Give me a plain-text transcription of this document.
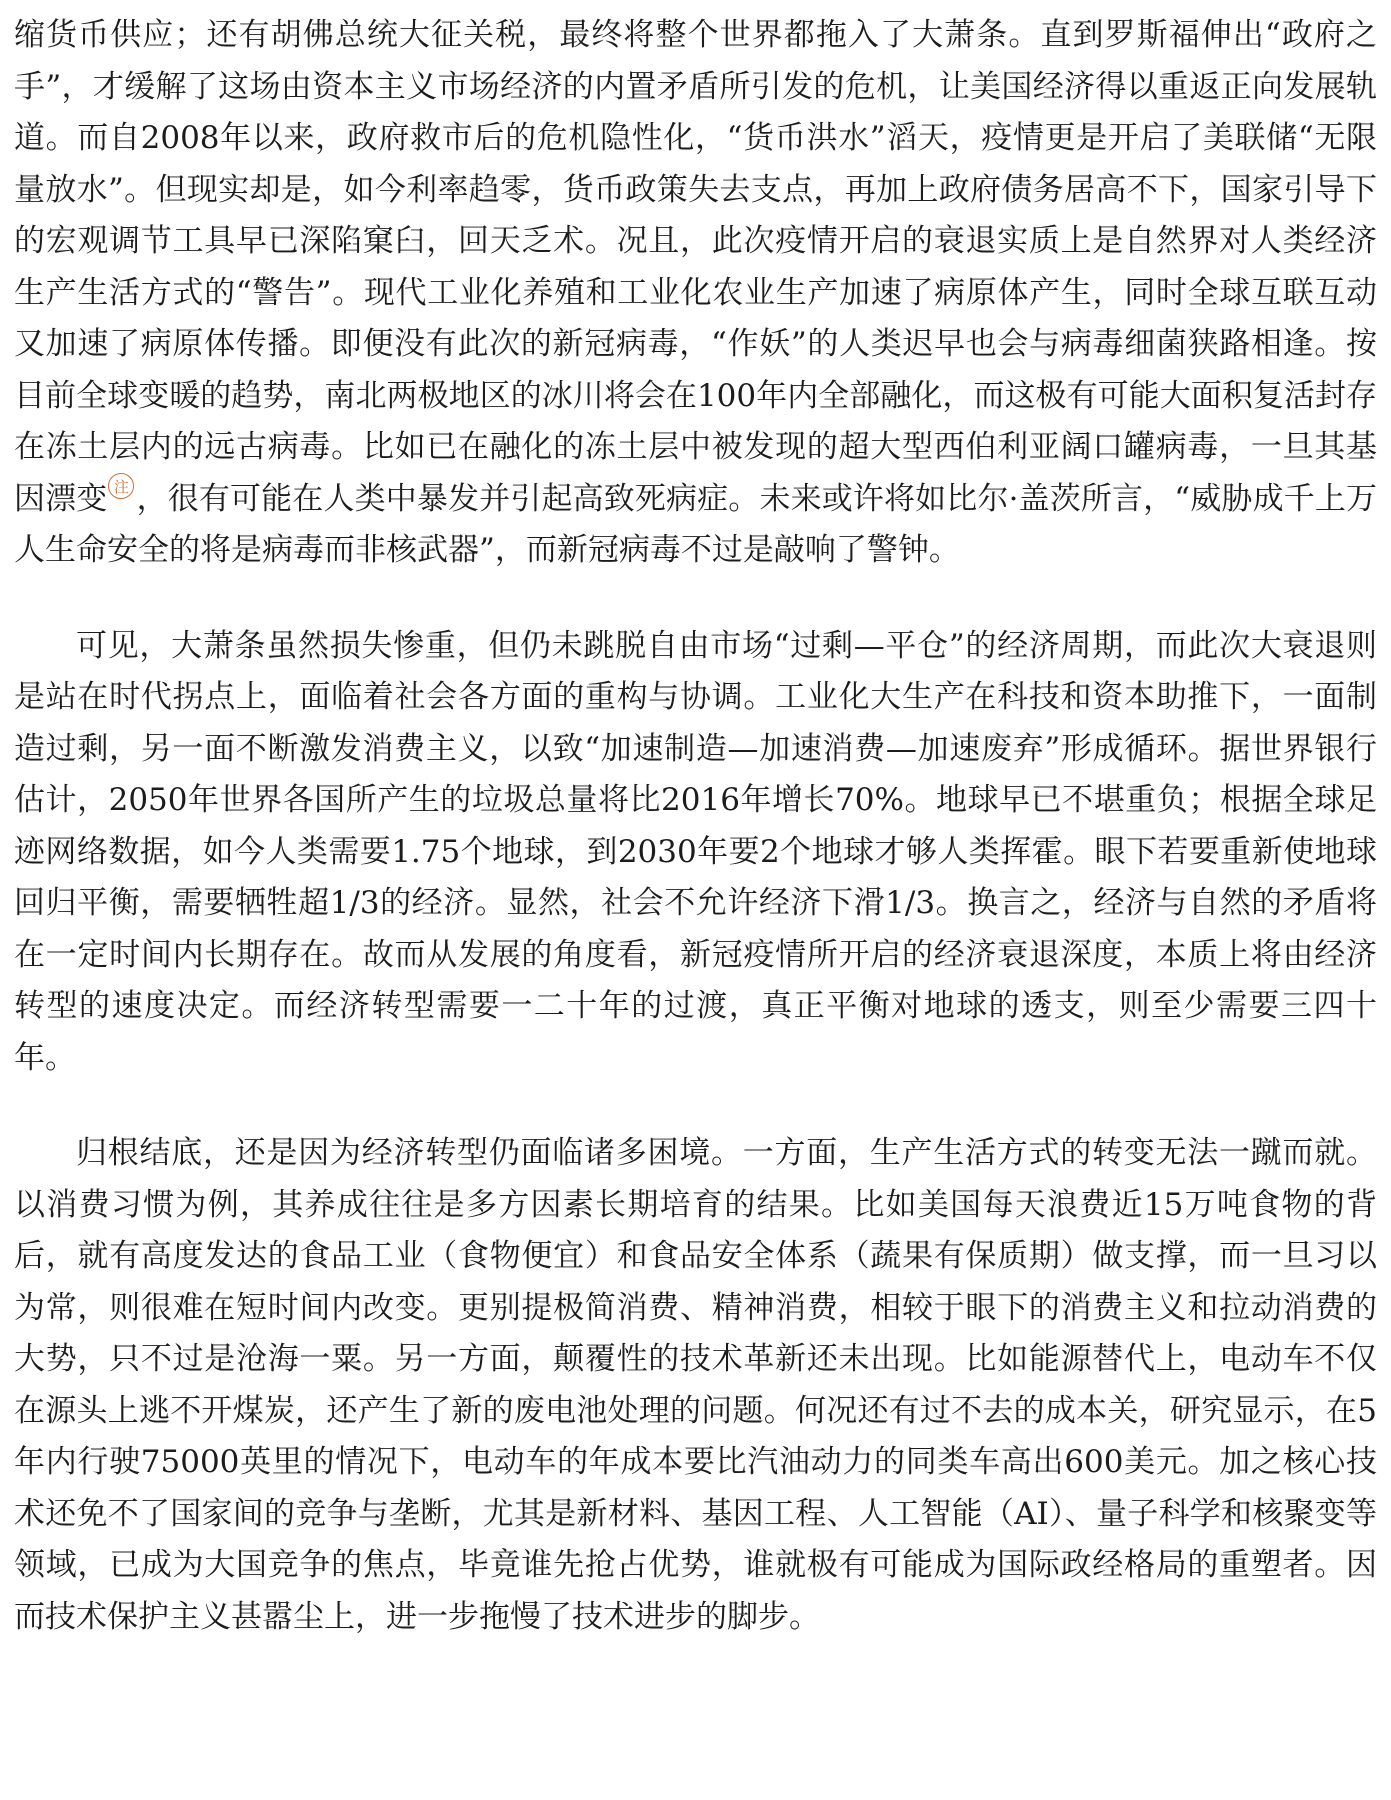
缩货币供应；还有胡佛总统大征关税，最终将整个世界都拖入了大萧条。直到罗斯福伸出“政府之手”，才缓解了这场由资本主义市场经济的内置矛盾所引发的危机，让美国经济得以重返正向发展轨道。而自2008年以来，政府救市后的危机隐性化，“货币洪水”滔天，疫情更是开启了美联储“无限量放水”。但现实却是，如今利率趋零，货币政策失去支点，再加上政府债务居高不下，国家引导下的宏观调节工具早已深陷窠臼，回天乏术。况且，此次疫情开启的衰退实质上是自然界对人类经济生产生活方式的“警告”。现代工业化养殖和工业化农业生产加速了病原体产生，同时全球互联互动又加速了病原体传播。即便没有此次的新冠病毒，“作妖”的人类迟早也会与病毒细菌狭路相逢。按目前全球变暖的趋势，南北两极地区的冰川将会在100年内全部融化，而这极有可能大面积复活封存在冻土层内的远古病毒。比如已在融化的冻土层中被发现的超大型西伯利亚阔口罐病毒，一旦其基因漂变 注 ，很有可能在人类中暴发并引起高致死病症。未来或许将如比尔·盖茨所言，“威胁成千上万人生命安全的将是病毒而非核武器”，而新冠病毒不过是敲响了警钟。

可见，大萧条虽然损失惨重，但仍未跳脱自由市场“过剩—平仓”的经济周期，而此次大衰退则是站在时代拐点上，面临着社会各方面的重构与协调。工业化大生产在科技和资本助推下，一面制造过剩，另一面不断激发消费主义，以致“加速制造—加速消费—加速废弃”形成循环。据世界银行估计，2050年世界各国所产生的垃圾总量将比2016年增长70%。地球早已不堪重负；根据全球足迹网络数据，如今人类需要1.75个地球，到2030年要2个地球才够人类挥霍。眼下若要重新使地球回归平衡，需要牺牲超1/3的经济。显然，社会不允许经济下滑1/3。换言之，经济与自然的矛盾将在一定时间内长期存在。故而从发展的角度看，新冠疫情所开启的经济衰退深度，本质上将由经济转型的速度决定。而经济转型需要一二十年的过渡，真正平衡对地球的透支，则至少需要三四十年。

归根结底，还是因为经济转型仍面临诸多困境。一方面，生产生活方式的转变无法一蹴而就。以消费习惯为例，其养成往往是多方因素长期培育的结果。比如美国每天浪费近15万吨食物的背后，就有高度发达的食品工业（食物便宜）和食品安全体系（蔬果有保质期）做支撑，而一旦习以为常，则很难在短时间内改变。更别提极简消费、精神消费，相较于眼下的消费主义和拉动消费的大势，只不过是沧海一粟。另一方面，颠覆性的技术革新还未出现。比如能源替代上，电动车不仅在源头上逃不开煤炭，还产生了新的废电池处理的问题。何况还有过不去的成本关，研究显示，在5年内行驶75000英里的情况下，电动车的年成本要比汽油动力的同类车高出600美元。加之核心技术还免不了国家间的竞争与垄断，尤其是新材料、基因工程、人工智能（AI）、量子科学和核聚变等领域，已成为大国竞争的焦点，毕竟谁先抢占优势，谁就极有可能成为国际政经格局的重塑者。因而技术保护主义甚嚣尘上，进一步拖慢了技术进步的脚步。
